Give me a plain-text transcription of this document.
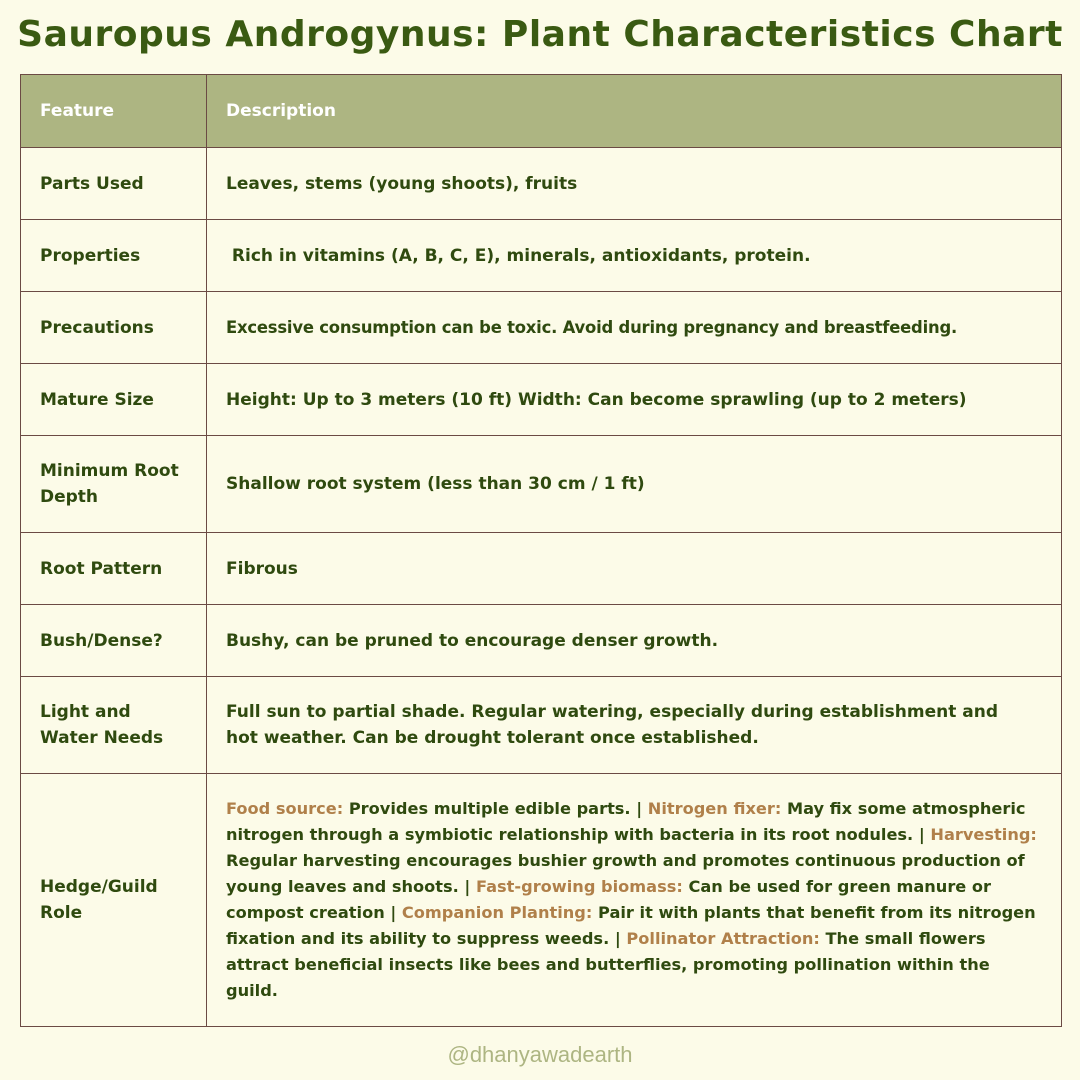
Sauropus Androgynus: Plant Characteristics Chart
Feature	Description
Parts Used	Leaves, stems (young shoots), fruits
Properties	Rich in vitamins (A, B, C, E), minerals, antioxidants, protein.
Precautions	Excessive consumption can be toxic. Avoid during pregnancy and breastfeeding.
Mature Size	Height: Up to 3 meters (10 ft) Width: Can become sprawling (up to 2 meters)
Minimum Root Depth	Shallow root system (less than 30 cm / 1 ft)
Root Pattern	Fibrous
Bush/Dense?	Bushy, can be pruned to encourage denser growth.
Light and Water Needs	Full sun to partial shade. Regular watering, especially during establishment and hot weather. Can be drought tolerant once established.
Hedge/Guild Role	Food source: Provides multiple edible parts. | Nitrogen fixer: May fix some atmospheric nitrogen through a symbiotic relationship with bacteria in its root nodules. | Harvesting: Regular harvesting encourages bushier growth and promotes continuous production of young leaves and shoots. | Fast-growing biomass: Can be used for green manure or compost creation | Companion Planting: Pair it with plants that benefit from its nitrogen fixation and its ability to suppress weeds. | Pollinator Attraction: The small flowers attract beneficial insects like bees and butterflies, promoting pollination within the guild.
@dhanyawadearth
